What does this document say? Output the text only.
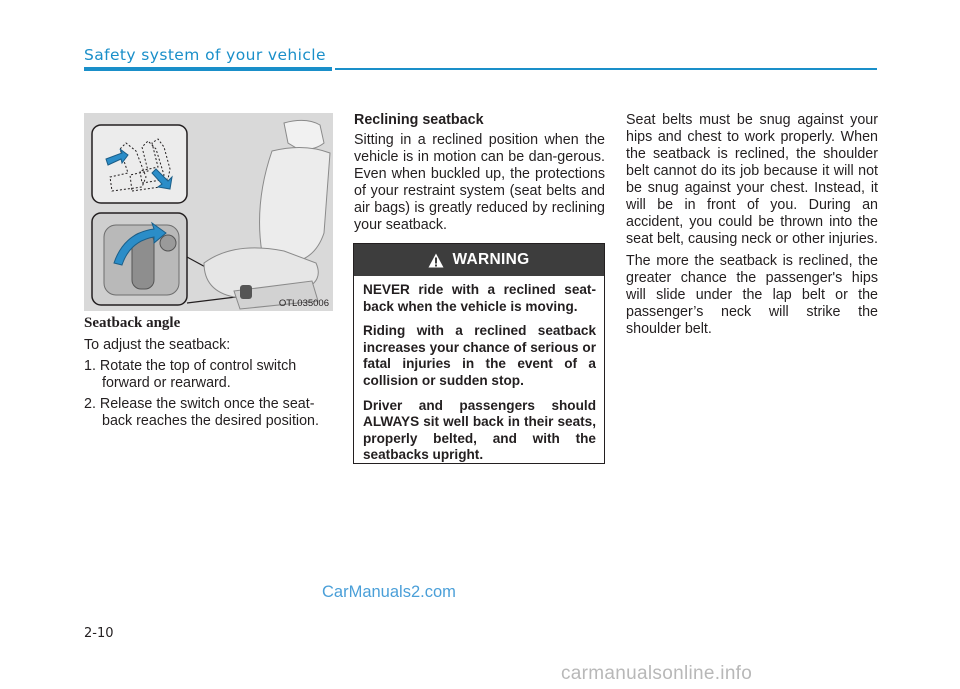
Safety system of your vehicle
OTL035006

Seatback angle

To adjust the seatback:

1. Rotate the top of control switch forward or rearward.

2. Release the switch once the seat-back reaches the desired position.

Reclining seatback

Sitting in a reclined position when the vehicle is in motion can be dan-gerous. Even when buckled up, the protections of your restraint system (seat belts and air bags) is greatly reduced by reclining your seatback.

WARNING

NEVER ride with a reclined seat-back when the vehicle is moving.

Riding with a reclined seatback increases your chance of serious or fatal injuries in the event of a collision or sudden stop.

Driver and passengers should ALWAYS sit well back in their seats, properly belted, and with the seatbacks upright.

Seat belts must be snug against your hips and chest to work properly. When the seatback is reclined, the shoulder belt cannot do its job because it will not be snug against your chest. Instead, it will be in front of you. During an accident, you could be thrown into the seat belt, causing neck or other injuries.

The more the seatback is reclined, the greater chance the passenger's hips will slide under the lap belt or the passenger’s neck will strike the shoulder belt.

CarManuals2.com
2-10
carmanualsonline.info
